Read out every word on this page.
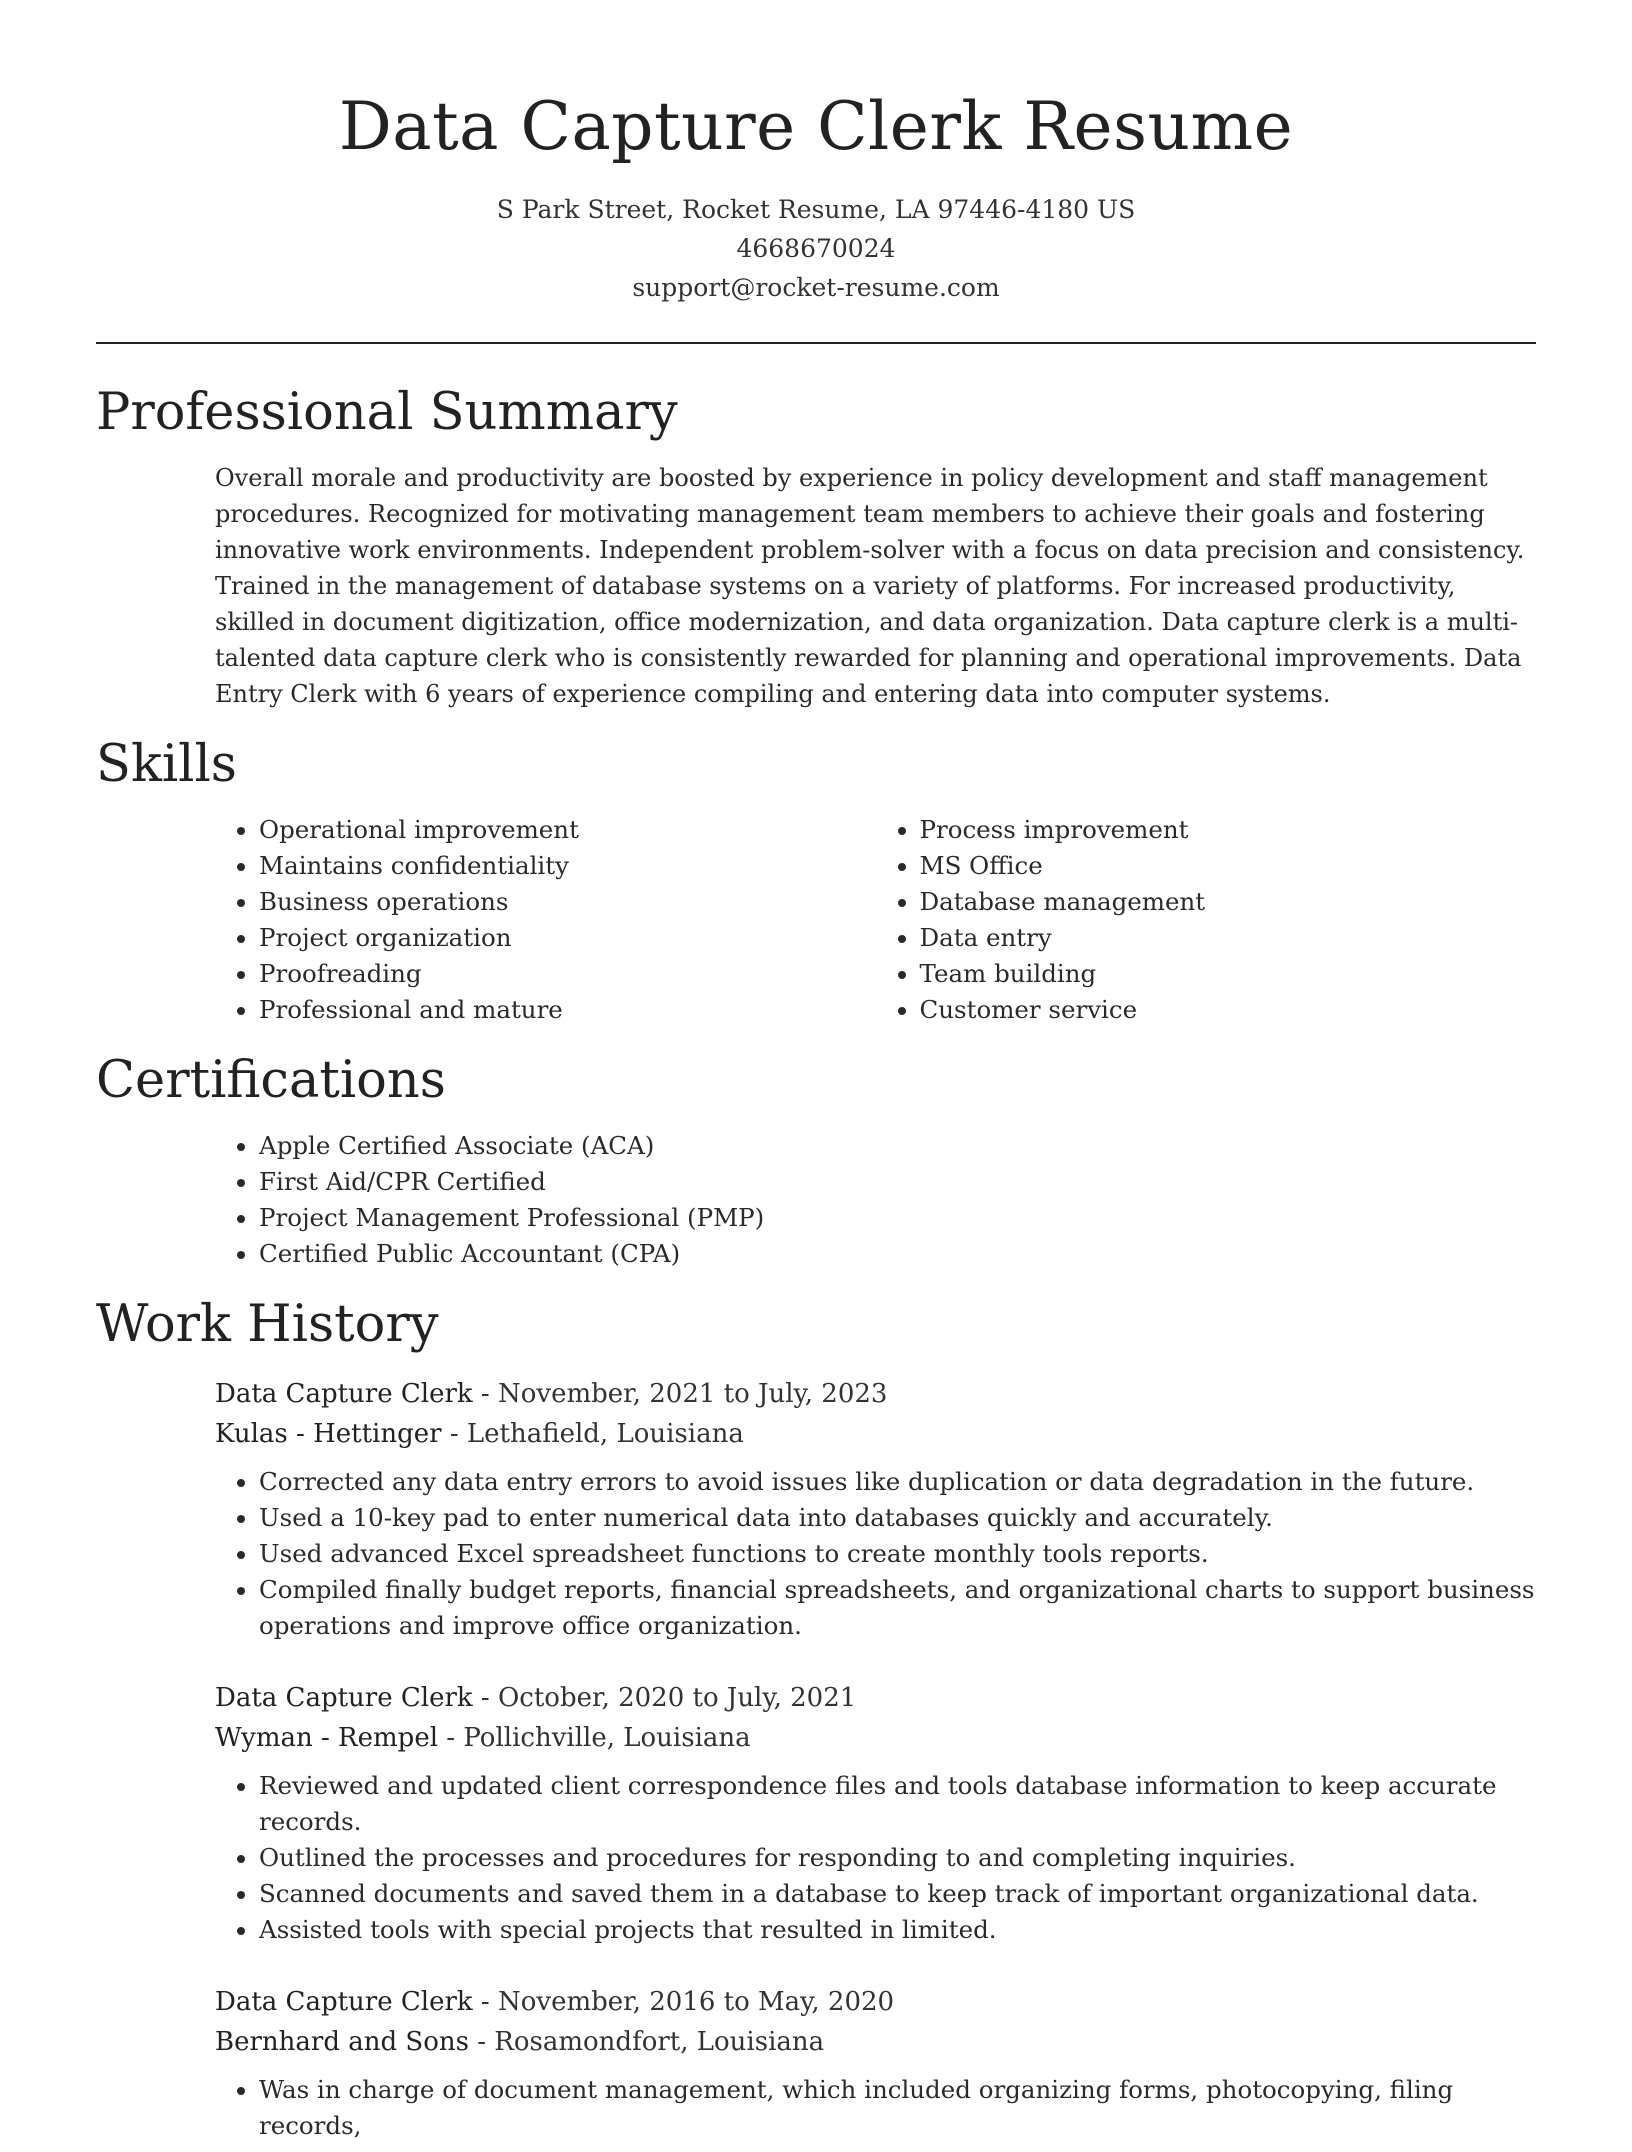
Data Capture Clerk Resume
S Park Street, Rocket Resume, LA 97446-4180 US
4668670024
support@rocket-resume.com
Professional Summary
Overall morale and productivity are boosted by experience in policy development and staff management procedures. Recognized for motivating management team members to achieve their goals and fostering innovative work environments. Independent problem-solver with a focus on data precision and consistency. Trained in the management of database systems on a variety of platforms. For increased productivity, skilled in document digitization, office modernization, and data organization. Data capture clerk is a multi-talented data capture clerk who is consistently rewarded for planning and operational improvements. Data Entry Clerk with 6 years of experience compiling and entering data into computer systems.
Skills
• Operational improvement
• Maintains confidentiality
• Business operations
• Project organization
• Proofreading
• Professional and mature
• Process improvement
• MS Office
• Database management
• Data entry
• Team building
• Customer service
Certifications
• Apple Certified Associate (ACA)
• First Aid/CPR Certified
• Project Management Professional (PMP)
• Certified Public Accountant (CPA)
Work History
Data Capture Clerk - November, 2021 to July, 2023
Kulas - Hettinger - Lethafield, Louisiana
• Corrected any data entry errors to avoid issues like duplication or data degradation in the future.
• Used a 10-key pad to enter numerical data into databases quickly and accurately.
• Used advanced Excel spreadsheet functions to create monthly tools reports.
• Compiled finally budget reports, financial spreadsheets, and organizational charts to support business operations and improve office organization.
Data Capture Clerk - October, 2020 to July, 2021
Wyman - Rempel - Pollichville, Louisiana
• Reviewed and updated client correspondence files and tools database information to keep accurate records.
• Outlined the processes and procedures for responding to and completing inquiries.
• Scanned documents and saved them in a database to keep track of important organizational data.
• Assisted tools with special projects that resulted in limited.
Data Capture Clerk - November, 2016 to May, 2020
Bernhard and Sons - Rosamondfort, Louisiana
• Was in charge of document management, which included organizing forms, photocopying, filing records,
